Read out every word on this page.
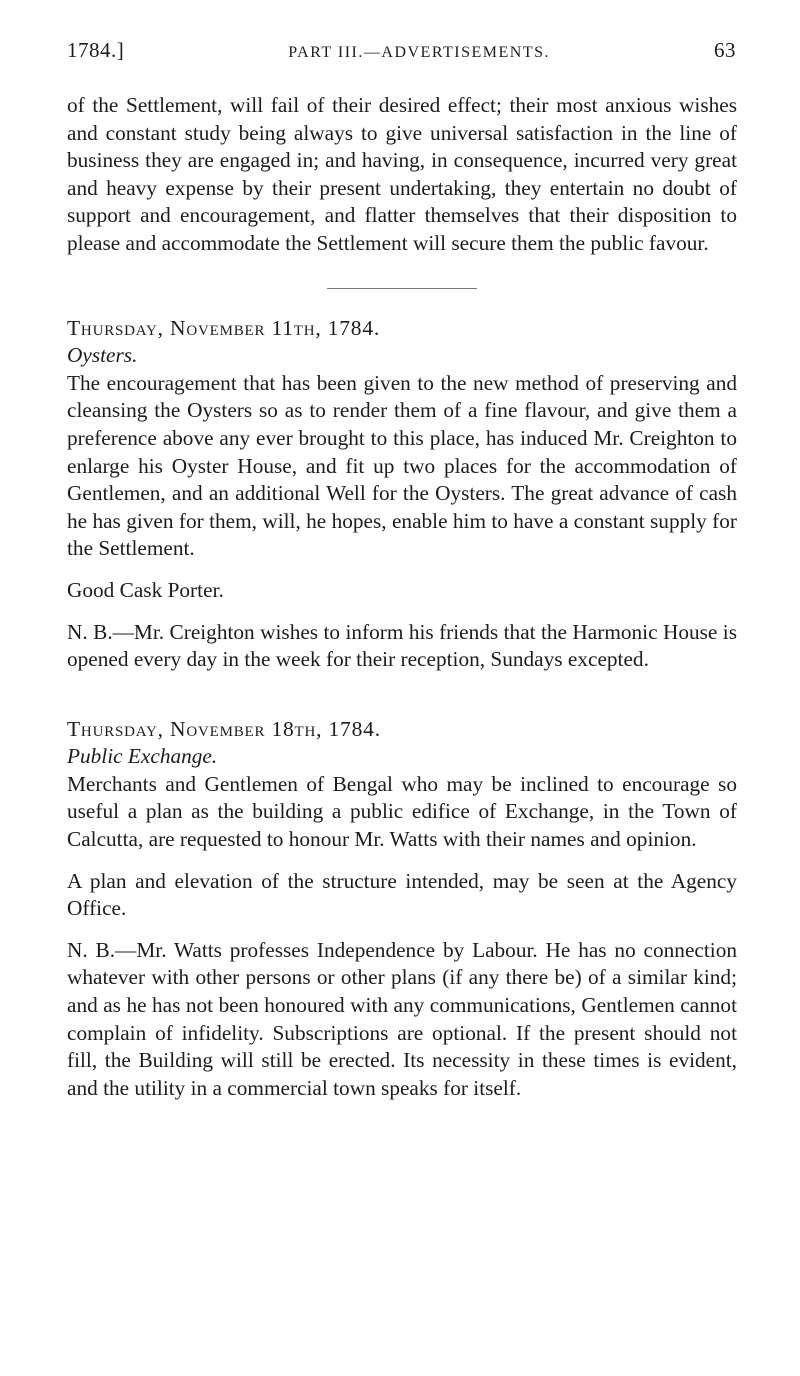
1784.]	PART III.—ADVERTISEMENTS.	63

of the Settlement, will fail of their desired effect; their most anxious wishes and constant study being always to give universal satisfaction in the line of business they are engaged in; and having, in consequence, incurred very great and heavy expense by their present undertaking, they entertain no doubt of support and encouragement, and flatter themselves that their disposition to please and accommodate the Settlement will secure them the public favour.

Thursday, November 11th, 1784.

Oysters.

The encouragement that has been given to the new method of preserving and cleansing the Oysters so as to render them of a fine flavour, and give them a preference above any ever brought to this place, has induced Mr. Creighton to enlarge his Oyster House, and fit up two places for the accommodation of Gentlemen, and an additional Well for the Oysters. The great advance of cash he has given for them, will, he hopes, enable him to have a constant supply for the Settlement.

Good Cask Porter.

N. B.—Mr. Creighton wishes to inform his friends that the Harmonic House is opened every day in the week for their reception, Sundays excepted.

Thursday, November 18th, 1784.

Public Exchange.

Merchants and Gentlemen of Bengal who may be inclined to encourage so useful a plan as the building a public edifice of Exchange, in the Town of Calcutta, are requested to honour Mr. Watts with their names and opinion.

A plan and elevation of the structure intended, may be seen at the Agency Office.

N. B.—Mr. Watts professes Independence by Labour. He has no connection whatever with other persons or other plans (if any there be) of a similar kind; and as he has not been honoured with any communications, Gentlemen cannot complain of infidelity. Subscriptions are optional. If the present should not fill, the Building will still be erected. Its necessity in these times is evident, and the utility in a commercial town speaks for itself.
